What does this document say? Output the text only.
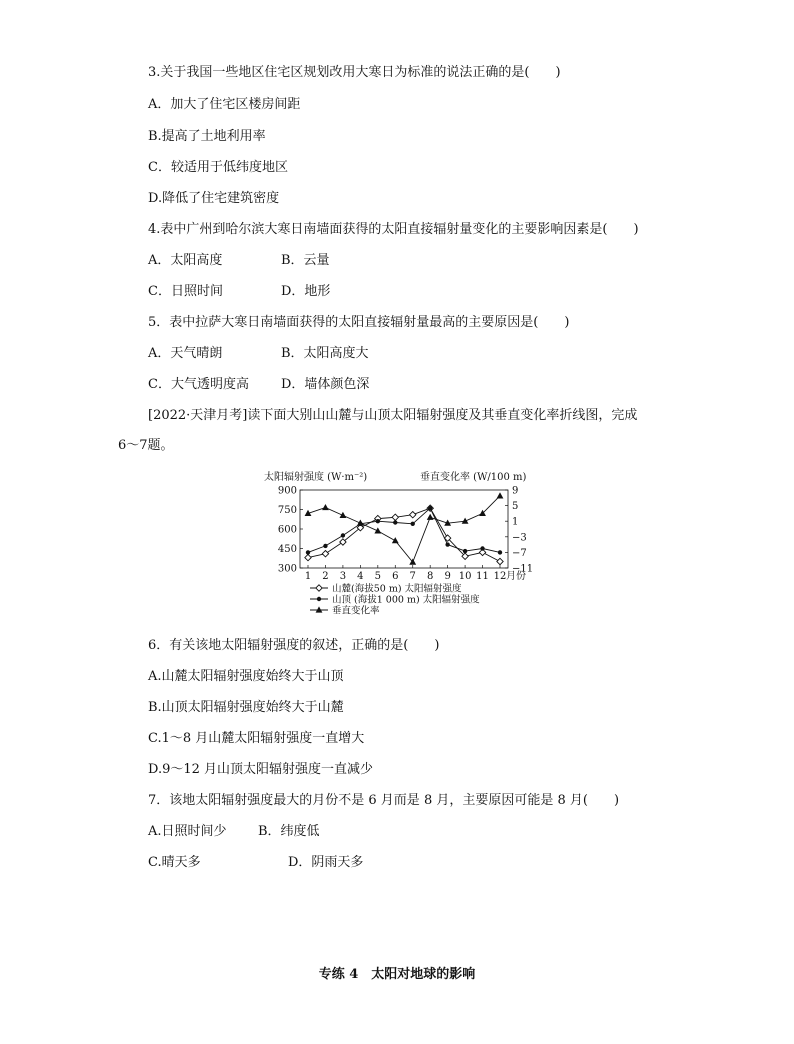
3.关于我国一些地区住宅区规划改用大寒日为标准的说法正确的是(　　)
A．加大了住宅区楼房间距
B.提高了土地利用率
C．较适用于低纬度地区
D.降低了住宅建筑密度
4.表中广州到哈尔滨大寒日南墙面获得的太阳直接辐射量变化的主要影响因素是(　　)
A．太阳高度	B．云量
C．日照时间	D．地形
5．表中拉萨大寒日南墙面获得的太阳直接辐射量最高的主要原因是(　　)
A．天气晴朗	B．太阳高度大
C．大气透明度高 D．墙体颜色深
[2022·天津月考]读下面大别山山麓与山顶太阳辐射强度及其垂直变化率折线图，完成
6～7题。
太阳辐射强度 (W·m⁻²)	垂直变化率 (W/100 m)
900
750
600
450
300
9
5
1
−3
−7
−11
1 2 3 4 5 6 7 8 9 10 11 12 月份
山麓(海拔50 m) 太阳辐射强度
山顶 (海拔1 000 m) 太阳辐射强度
垂直变化率
6．有关该地太阳辐射强度的叙述，正确的是(　　)
A.山麓太阳辐射强度始终大于山顶
B.山顶太阳辐射强度始终大于山麓
C.1～8 月山麓太阳辐射强度一直增大
D.9～12 月山顶太阳辐射强度一直减少
7．该地太阳辐射强度最大的月份不是 6 月而是 8 月，主要原因可能是 8 月(　　)
A.日照时间少 B．纬度低
C.晴天多	D．阴雨天多
专练 4　太阳对地球的影响
